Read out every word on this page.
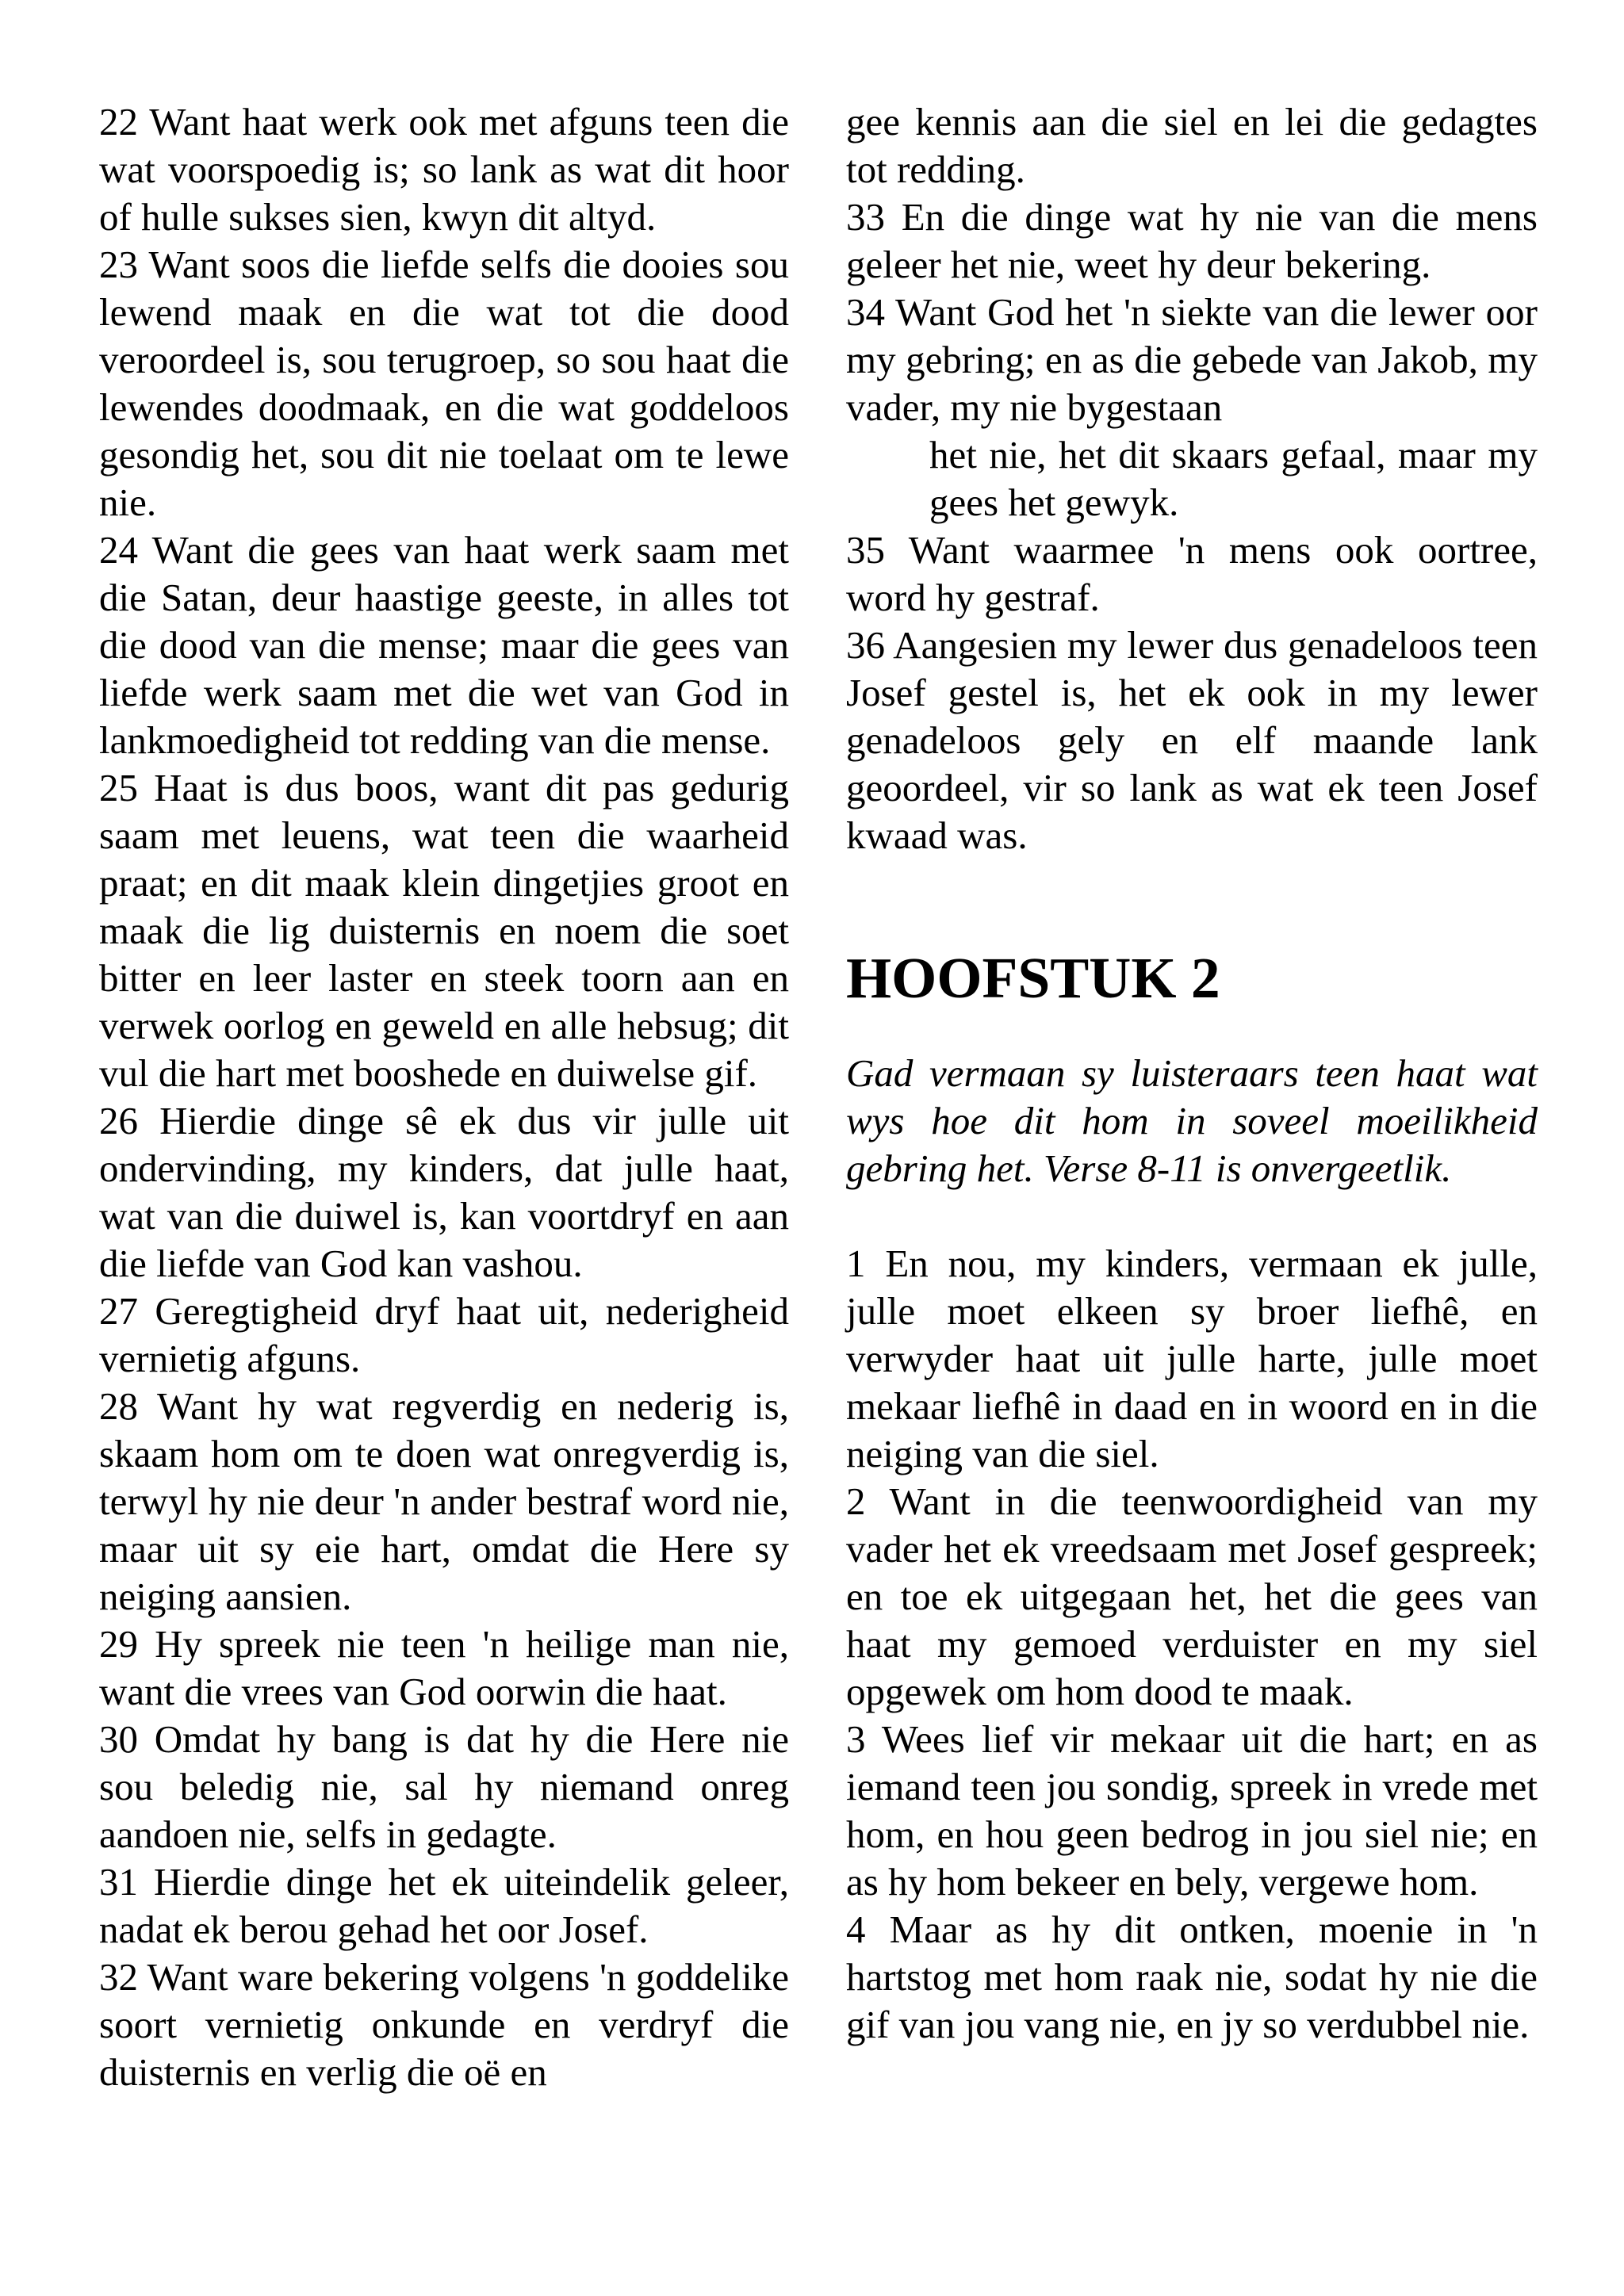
22 Want haat werk ook met afguns teen die wat voorspoedig is; so lank as wat dit hoor of hulle sukses sien, kwyn dit altyd.

23 Want soos die liefde selfs die dooies sou lewend maak en die wat tot die dood veroordeel is, sou terugroep, so sou haat die lewendes doodmaak, en die wat goddeloos gesondig het, sou dit nie toelaat om te lewe nie.

24 Want die gees van haat werk saam met die Satan, deur haastige geeste, in alles tot die dood van die mense; maar die gees van liefde werk saam met die wet van God in lankmoedigheid tot redding van die mense.

25 Haat is dus boos, want dit pas gedurig saam met leuens, wat teen die waarheid praat; en dit maak klein dingetjies groot en maak die lig duisternis en noem die soet bitter en leer laster en steek toorn aan en verwek oorlog en geweld en alle hebsug; dit vul die hart met booshede en duiwelse gif.

26 Hierdie dinge sê ek dus vir julle uit ondervinding, my kinders, dat julle haat, wat van die duiwel is, kan voortdryf en aan die liefde van God kan vashou.

27 Geregtigheid dryf haat uit, nederigheid vernietig afguns.

28 Want hy wat regverdig en nederig is, skaam hom om te doen wat onregverdig is, terwyl hy nie deur 'n ander bestraf word nie, maar uit sy eie hart, omdat die Here sy neiging aansien.

29 Hy spreek nie teen 'n heilige man nie, want die vrees van God oorwin die haat.

30 Omdat hy bang is dat hy die Here nie sou beledig nie, sal hy niemand onreg aandoen nie, selfs in gedagte.

31 Hierdie dinge het ek uiteindelik geleer, nadat ek berou gehad het oor Josef.

32 Want ware bekering volgens 'n goddelike soort vernietig onkunde en verdryf die duisternis en verlig die oë en

gee kennis aan die siel en lei die gedagtes tot redding.

33 En die dinge wat hy nie van die mens geleer het nie, weet hy deur bekering.

34 Want God het 'n siekte van die lewer oor my gebring; en as die gebede van Jakob, my vader, my nie bygestaan

het nie, het dit skaars gefaal, maar my gees het gewyk.

35 Want waarmee 'n mens ook oortree, word hy gestraf.

36 Aangesien my lewer dus genadeloos teen Josef gestel is, het ek ook in my lewer genadeloos gely en elf maande lank geoordeel, vir so lank as wat ek teen Josef kwaad was.

HOOFSTUK 2

Gad vermaan sy luisteraars teen haat wat wys hoe dit hom in soveel moeilikheid gebring het. Verse 8-11 is onvergeetlik.

1 En nou, my kinders, vermaan ek julle, julle moet elkeen sy broer liefhê, en verwyder haat uit julle harte, julle moet mekaar liefhê in daad en in woord en in die neiging van die siel.

2 Want in die teenwoordigheid van my vader het ek vreedsaam met Josef gespreek; en toe ek uitgegaan het, het die gees van haat my gemoed verduister en my siel opgewek om hom dood te maak.

3 Wees lief vir mekaar uit die hart; en as iemand teen jou sondig, spreek in vrede met hom, en hou geen bedrog in jou siel nie; en as hy hom bekeer en bely, vergewe hom.

4 Maar as hy dit ontken, moenie in 'n hartstog met hom raak nie, sodat hy nie die gif van jou vang nie, en jy so verdubbel nie.
